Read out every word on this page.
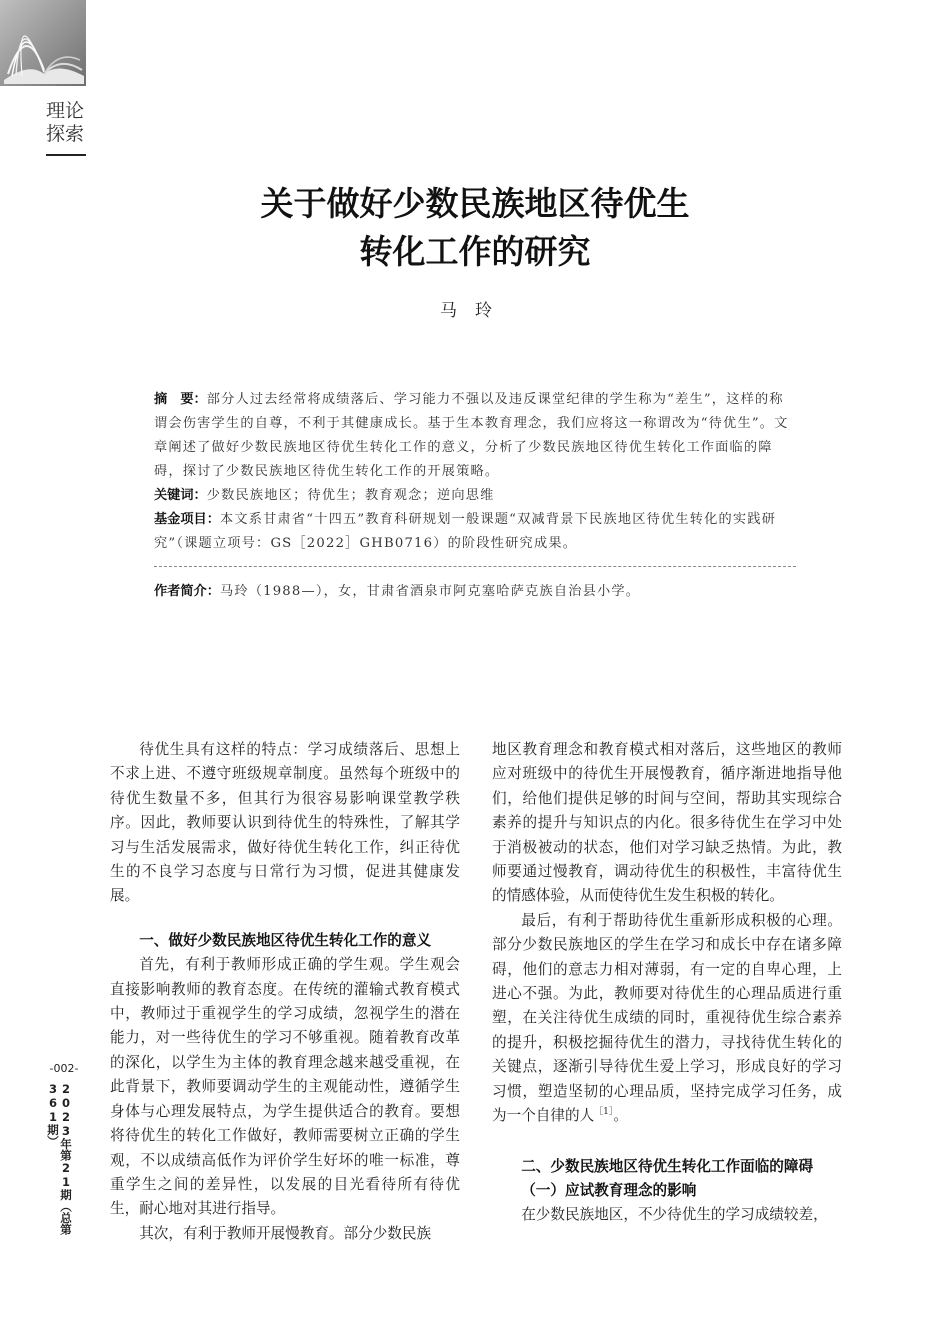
理论
探索
关于做好少数民族地区待优生
转化工作的研究
马玲

摘　要：部分人过去经常将成绩落后、学习能力不强以及违反课堂纪律的学生称为“差生”，这样的称谓会伤害学生的自尊，不利于其健康成长。基于生本教育理念，我们应将这一称谓改为“待优生”。文章阐述了做好少数民族地区待优生转化工作的意义，分析了少数民族地区待优生转化工作面临的障碍，探讨了少数民族地区待优生转化工作的开展策略。

关键词：少数民族地区；待优生；教育观念；逆向思维

基金项目：本文系甘肃省“十四五”教育科研规划一般课题“双减背景下民族地区待优生转化的实践研究”（课题立项号：GS［2022］GHB0716）的阶段性研究成果。

作者简介：马玲（1988—），女，甘肃省酒泉市阿克塞哈萨克族自治县小学。

待优生具有这样的特点：学习成绩落后、思想上不求上进、不遵守班级规章制度。虽然每个班级中的待优生数量不多，但其行为很容易影响课堂教学秩序。因此，教师要认识到待优生的特殊性，了解其学习与生活发展需求，做好待优生转化工作，纠正待优生的不良学习态度与日常行为习惯，促进其健康发展。

一、做好少数民族地区待优生转化工作的意义

首先，有利于教师形成正确的学生观。学生观会直接影响教师的教育态度。在传统的灌输式教育模式中，教师过于重视学生的学习成绩，忽视学生的潜在能力，对一些待优生的学习不够重视。随着教育改革的深化，以学生为主体的教育理念越来越受重视，在此背景下，教师要调动学生的主观能动性，遵循学生身体与心理发展特点，为学生提供适合的教育。要想将待优生的转化工作做好，教师需要树立正确的学生观，不以成绩高低作为评价学生好坏的唯一标准，尊重学生之间的差异性，以发展的目光看待所有待优生，耐心地对其进行指导。

其次，有利于教师开展慢教育。部分少数民族

地区教育理念和教育模式相对落后，这些地区的教师应对班级中的待优生开展慢教育，循序渐进地指导他们，给他们提供足够的时间与空间，帮助其实现综合素养的提升与知识点的内化。很多待优生在学习中处于消极被动的状态，他们对学习缺乏热情。为此，教师要通过慢教育，调动待优生的积极性，丰富待优生的情感体验，从而使待优生发生积极的转化。

最后，有利于帮助待优生重新形成积极的心理。部分少数民族地区的学生在学习和成长中存在诸多障碍，他们的意志力相对薄弱，有一定的自卑心理，上进心不强。为此，教师要对待优生的心理品质进行重塑，在关注待优生成绩的同时，重视待优生综合素养的提升，积极挖掘待优生的潜力，寻找待优生转化的关键点，逐渐引导待优生爱上学习，形成良好的学习习惯，塑造坚韧的心理品质，坚持完成学习任务，成为一个自律的人$^{[1]}$。

二、少数民族地区待优生转化工作面临的障碍
（一）应试教育理念的影响

在少数民族地区，不少待优生的学习成绩较差，

-002-
2023年第21期（总第361期）
